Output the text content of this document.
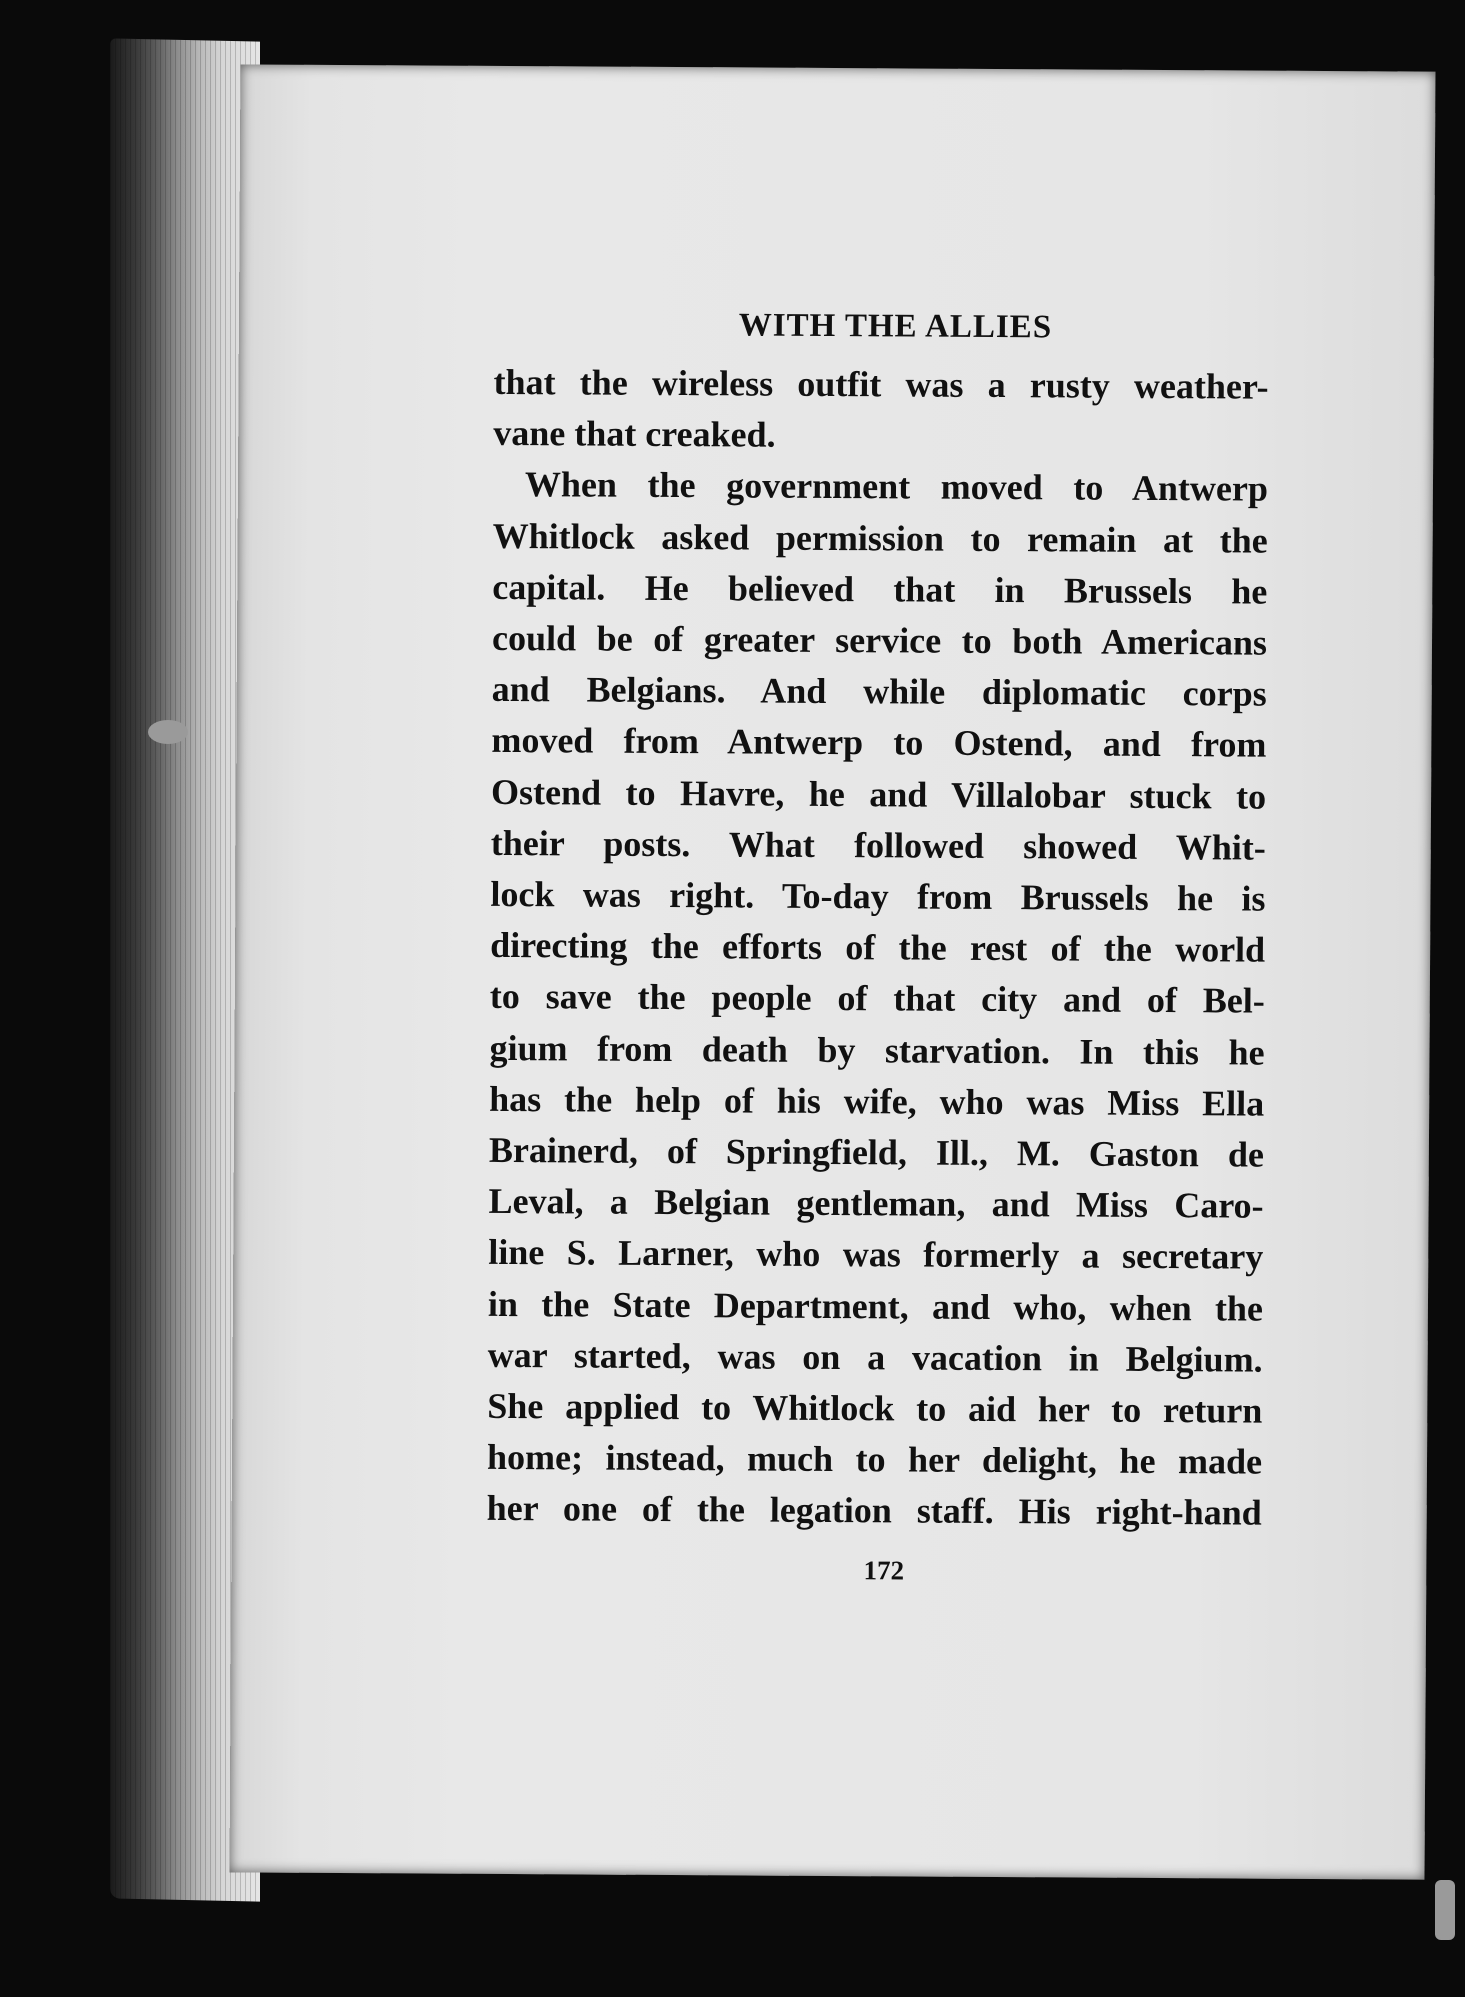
WITH THE ALLIES
that the wireless outfit was a rusty weather-
vane that creaked.
When the government moved to Antwerp
Whitlock asked permission to remain at the
capital. He believed that in Brussels he
could be of greater service to both Americans
and Belgians. And while diplomatic corps
moved from Antwerp to Ostend, and from
Ostend to Havre, he and Villalobar stuck to
their posts. What followed showed Whit-
lock was right. To-day from Brussels he is
directing the efforts of the rest of the world
to save the people of that city and of Bel-
gium from death by starvation. In this he
has the help of his wife, who was Miss Ella
Brainerd, of Springfield, Ill., M. Gaston de
Leval, a Belgian gentleman, and Miss Caro-
line S. Larner, who was formerly a secretary
in the State Department, and who, when the
war started, was on a vacation in Belgium.
She applied to Whitlock to aid her to return
home; instead, much to her delight, he made
her one of the legation staff. His right-hand
172
